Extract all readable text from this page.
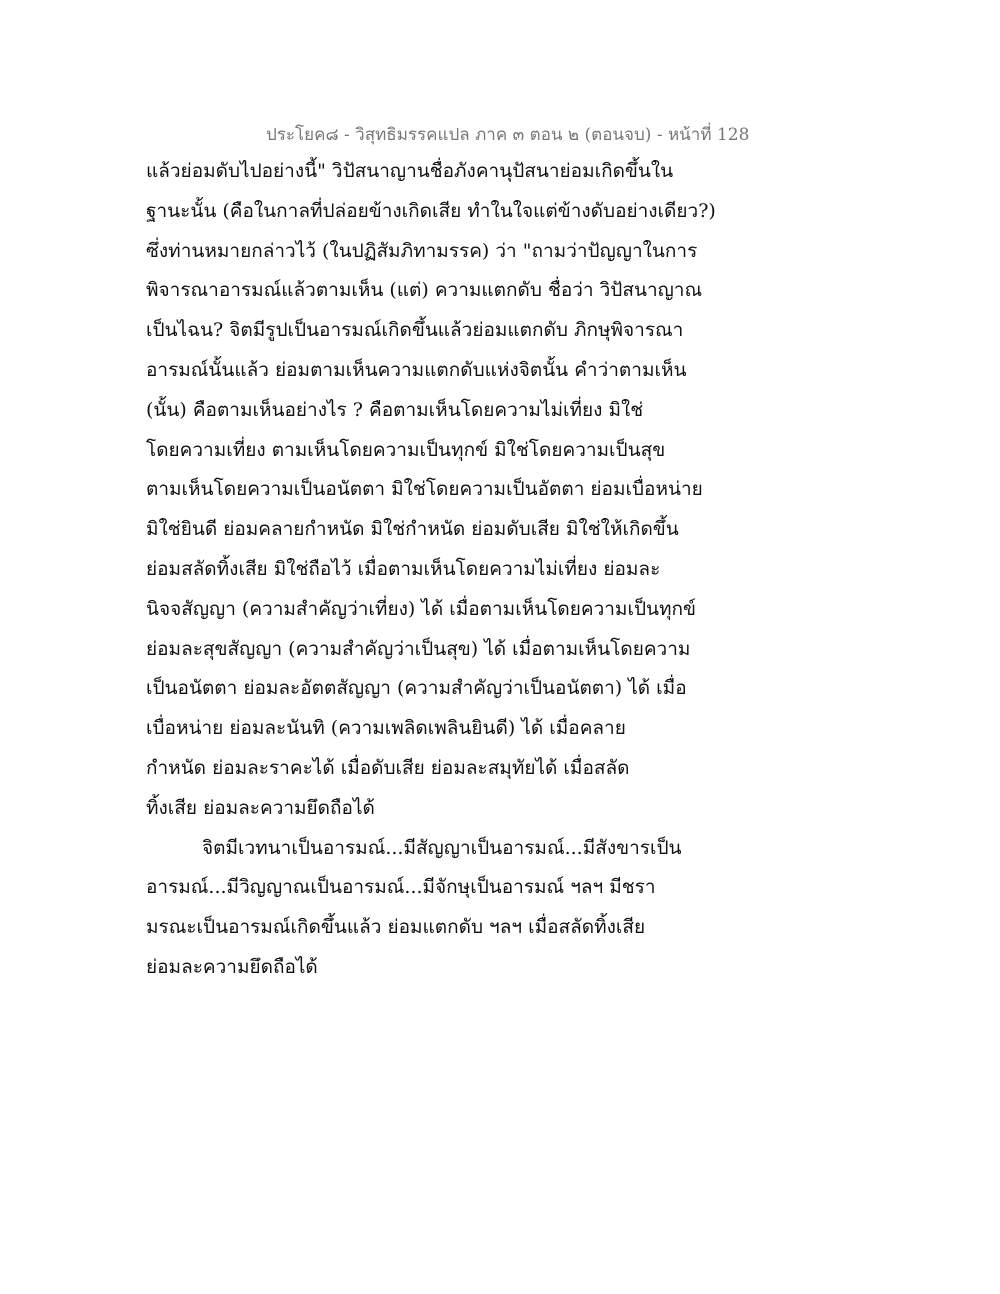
ประโยค๘ - วิสุทธิมรรคแปล ภาค ๓ ตอน ๒ (ตอนจบ) - หน้าที่ 128
แล้วย่อมดับไปอย่างนี้" วิปัสนาญานชื่อภังคานุปัสนาย่อมเกิดขึ้นใน
ฐานะนั้น (คือในกาลที่ปล่อยข้างเกิดเสีย ทำในใจแต่ข้างดับอย่างเดียว?)
ซึ่งท่านหมายกล่าวไว้ (ในปฏิสัมภิทามรรค) ว่า "ถามว่าปัญญาในการ
พิจารณาอารมณ์แล้วตามเห็น (แต่) ความแตกดับ ชื่อว่า วิปัสนาญาณ
เป็นไฉน? จิตมีรูปเป็นอารมณ์เกิดขึ้นแล้วย่อมแตกดับ ภิกษุพิจารณา
อารมณ์นั้นแล้ว ย่อมตามเห็นความแตกดับแห่งจิตนั้น คำว่าตามเห็น
(นั้น) คือตามเห็นอย่างไร ? คือตามเห็นโดยความไม่เที่ยง มิใช่
โดยความเที่ยง ตามเห็นโดยความเป็นทุกข์ มิใช่โดยความเป็นสุข
ตามเห็นโดยความเป็นอนัตตา มิใช่โดยความเป็นอัตตา ย่อมเบื่อหน่าย
มิใช่ยินดี ย่อมคลายกำหนัด มิใช่กำหนัด ย่อมดับเสีย มิใช่ให้เกิดขึ้น
ย่อมสลัดทิ้งเสีย มิใช่ถือไว้ เมื่อตามเห็นโดยความไม่เที่ยง ย่อมละ
นิจจสัญญา (ความสำคัญว่าเที่ยง) ได้ เมื่อตามเห็นโดยความเป็นทุกข์
ย่อมละสุขสัญญา (ความสำคัญว่าเป็นสุข) ได้ เมื่อตามเห็นโดยความ
เป็นอนัตตา ย่อมละอัตตสัญญา (ความสำคัญว่าเป็นอนัตตา) ได้ เมื่อ
เบื่อหน่าย ย่อมละนันทิ (ความเพลิดเพลินยินดี) ได้ เมื่อคลาย
กำหนัด ย่อมละราคะได้ เมื่อดับเสีย ย่อมละสมุทัยได้ เมื่อสลัด
ทิ้งเสีย ย่อมละความยึดถือได้
จิตมีเวทนาเป็นอารมณ์...มีสัญญาเป็นอารมณ์...มีสังขารเป็น
อารมณ์...มีวิญญาณเป็นอารมณ์...มีจักษุเป็นอารมณ์ ฯลฯ มีชรา
มรณะเป็นอารมณ์เกิดขึ้นแล้ว ย่อมแตกดับ ฯลฯ เมื่อสลัดทิ้งเสีย
ย่อมละความยึดถือได้
